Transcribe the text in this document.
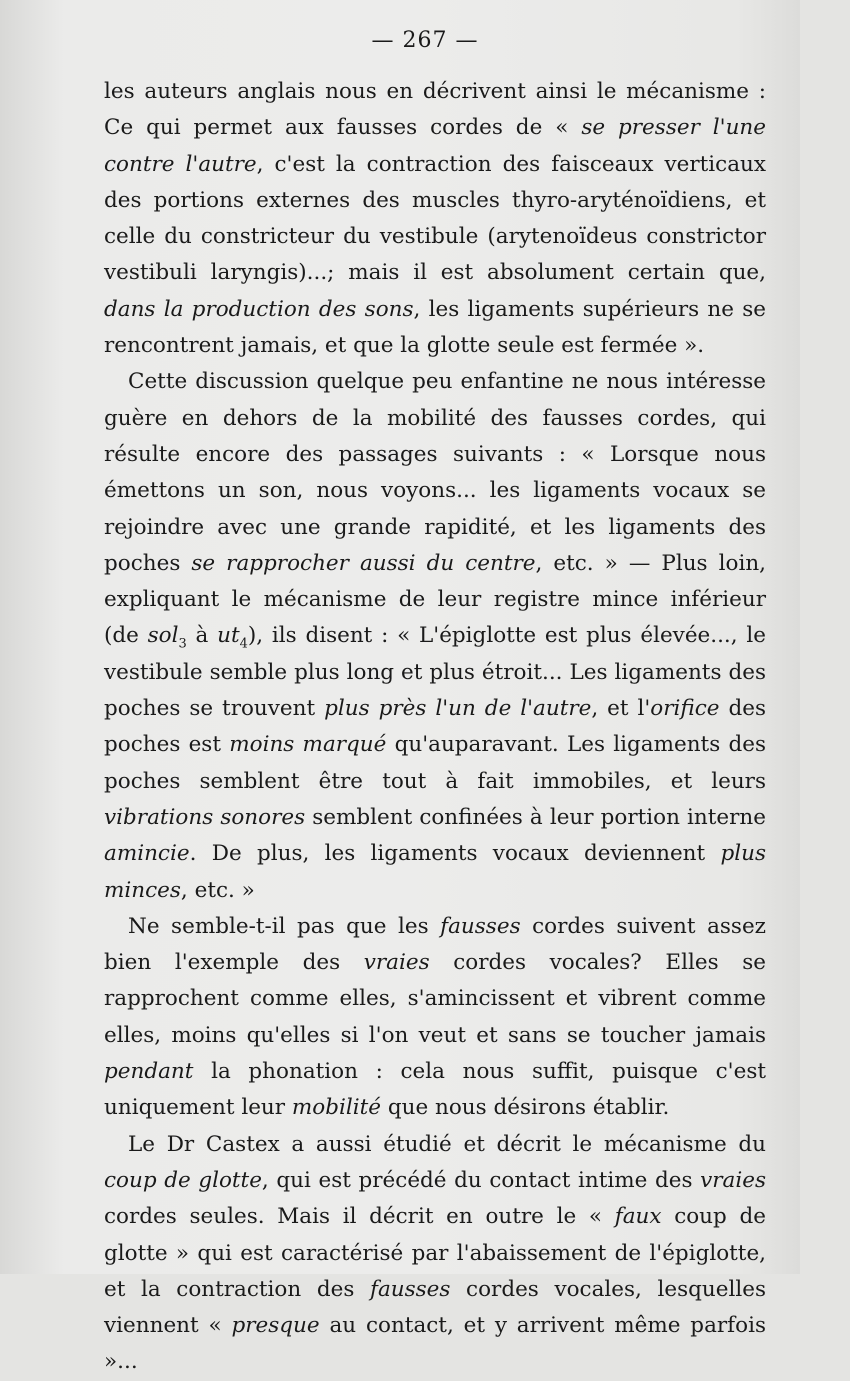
— 267 —

les auteurs anglais nous en décrivent ainsi le mécanisme : Ce qui permet aux fausses cordes de « se presser l'une contre l'autre, c'est la contraction des faisceaux verticaux des portions externes des muscles thyro-aryténoïdiens, et celle du constricteur du vestibule (arytenoïdeus constrictor vestibuli laryngis)...; mais il est absolument certain que, dans la production des sons, les ligaments supérieurs ne se rencontrent jamais, et que la glotte seule est fermée ».

Cette discussion quelque peu enfantine ne nous intéresse guère en dehors de la mobilité des fausses cordes, qui résulte encore des passages suivants : « Lorsque nous émettons un son, nous voyons... les ligaments vocaux se rejoindre avec une grande rapidité, et les ligaments des poches se rapprocher aussi du centre, etc. » — Plus loin, expliquant le mécanisme de leur registre mince inférieur (de sol$_3$ à $ut_4$), ils disent : « L'épiglotte est plus élevée..., le vestibule semble plus long et plus étroit... Les ligaments des poches se trouvent plus près l'un de l'autre, et l'orifice des poches est moins marqué qu'auparavant. Les ligaments des poches semblent être tout à fait immobiles, et leurs vibrations sonores semblent confinées à leur portion interne amincie. De plus, les ligaments vocaux deviennent plus minces, etc. »

Ne semble-t-il pas que les fausses cordes suivent assez bien l'exemple des vraies cordes vocales? Elles se rapprochent comme elles, s'amincissent et vibrent comme elles, moins qu'elles si l'on veut et sans se toucher jamais pendant la phonation : cela nous suffit, puisque c'est uniquement leur mobilité que nous désirons établir.

Le Dr Castex a aussi étudié et décrit le mécanisme du coup de glotte, qui est précédé du contact intime des vraies cordes seules. Mais il décrit en outre le « faux coup de glotte » qui est caractérisé par l'abaissement de l'épiglotte, et la contraction des fausses cordes vocales, lesquelles viennent « presque au contact, et y arrivent même parfois »...
